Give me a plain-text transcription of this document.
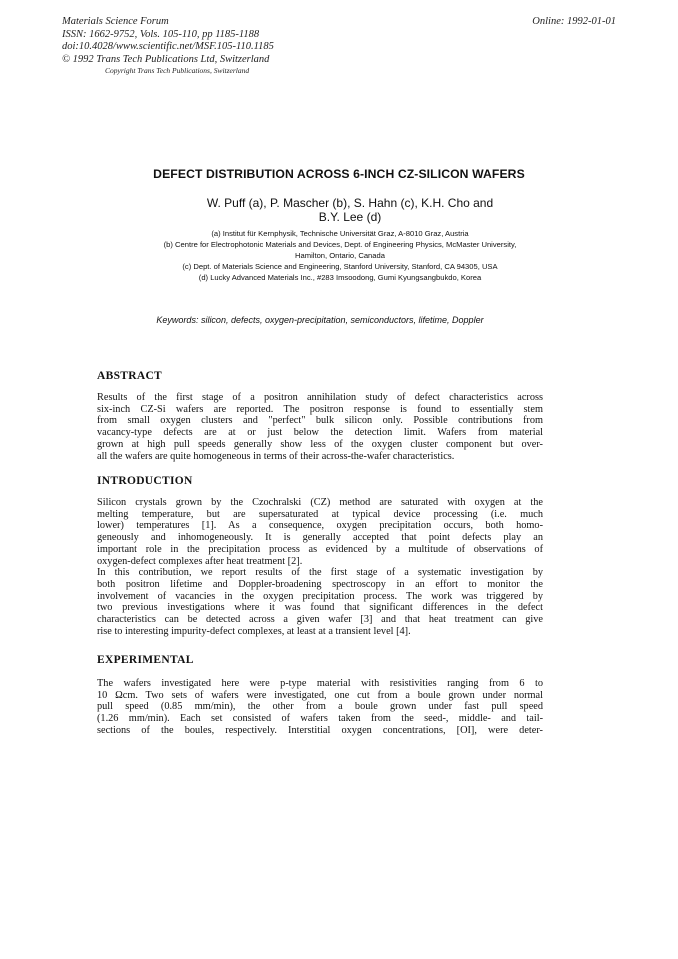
Materials Science Forum
ISSN: 1662-9752, Vols. 105-110, pp 1185-1188
doi:10.4028/www.scientific.net/MSF.105-110.1185
© 1992 Trans Tech Publications Ltd, Switzerland
Copyright Trans Tech Publications, Switzerland
Online: 1992-01-01
DEFECT DISTRIBUTION ACROSS 6-INCH CZ-SILICON WAFERS
W. Puff (a), P. Mascher (b), S. Hahn (c), K.H. Cho and
B.Y. Lee (d)
(a) Institut für Kernphysik, Technische Universität Graz, A-8010 Graz, Austria
(b) Centre for Electrophotonic Materials and Devices, Dept. of Engineering Physics, McMaster University,
Hamilton, Ontario, Canada
(c) Dept. of Materials Science and Engineering, Stanford University, Stanford, CA 94305, USA
(d) Lucky Advanced Materials Inc., #283 Imsoodong, Gumi Kyungsangbukdo, Korea
Keywords: silicon, defects, oxygen-precipitation, semiconductors, lifetime, Doppler
ABSTRACT
Results of the first stage of a positron annihilation study of defect characteristics across
six-inch CZ-Si wafers are reported. The positron response is found to essentially stem
from small oxygen clusters and "perfect" bulk silicon only. Possible contributions from
vacancy-type defects are at or just below the detection limit. Wafers from material
grown at high pull speeds generally show less of the oxygen cluster component but over-
all the wafers are quite homogeneous in terms of their across-the-wafer characteristics.
INTRODUCTION
Silicon crystals grown by the Czochralski (CZ) method are saturated with oxygen at the
melting temperature, but are supersaturated at typical device processing (i.e. much
lower) temperatures [1]. As a consequence, oxygen precipitation occurs, both homo-
geneously and inhomogeneously. It is generally accepted that point defects play an
important role in the precipitation process as evidenced by a multitude of observations of
oxygen-defect complexes after heat treatment [2].
In this contribution, we report results of the first stage of a systematic investigation by
both positron lifetime and Doppler-broadening spectroscopy in an effort to monitor the
involvement of vacancies in the oxygen precipitation process. The work was triggered by
two previous investigations where it was found that significant differences in the defect
characteristics can be detected across a given wafer [3] and that heat treatment can give
rise to interesting impurity-defect complexes, at least at a transient level [4].
EXPERIMENTAL
The wafers investigated here were p-type material with resistivities ranging from 6 to
10 Ωcm. Two sets of wafers were investigated, one cut from a boule grown under normal
pull speed (0.85 mm/min), the other from a boule grown under fast pull speed
(1.26 mm/min). Each set consisted of wafers taken from the seed-, middle- and tail-
sections of the boules, respectively. Interstitial oxygen concentrations, [OI], were deter-
